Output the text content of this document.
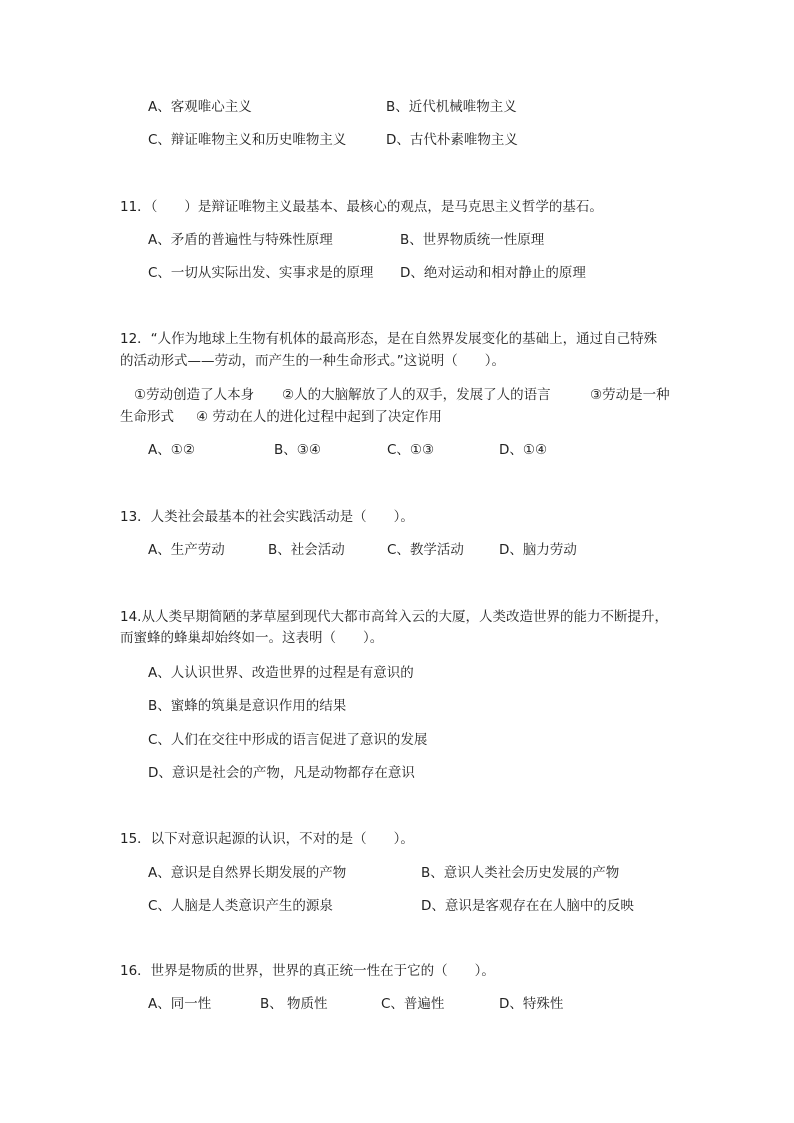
A、客观唯心主义	B、近代机械唯物主义
C、辩证唯物主义和历史唯物主义	D、古代朴素唯物主义
11．（　　）是辩证唯物主义最基本、最核心的观点，是马克思主义哲学的基石。
A、矛盾的普遍性与特殊性原理	B、世界物质统一性原理
C、一切从实际出发、实事求是的原理 D、绝对运动和相对静止的原理
12．“人作为地球上生物有机体的最高形态，是在自然界发展变化的基础上，通过自己特殊
的活动形式——劳动，而产生的一种生命形式。”这说明（　　）。
①劳动创造了人本身 ②人的大脑解放了人的双手，发展了人的语言	③劳动是一种
生命形式 ④ 劳动在人的进化过程中起到了决定作用
A、①②	B、③④	C、①③	D、①④
13．人类社会最基本的社会实践活动是（　　）。
A、生产劳动	B、社会活动	C、教学活动	D、脑力劳动
14.从人类早期简陋的茅草屋到现代大都市高耸入云的大厦，人类改造世界的能力不断提升，
而蜜蜂的蜂巢却始终如一。这表明（　　）。
A、人认识世界、改造世界的过程是有意识的
B、蜜蜂的筑巢是意识作用的结果
C、人们在交往中形成的语言促进了意识的发展
D、意识是社会的产物，凡是动物都存在意识
15．以下对意识起源的认识，不对的是（　　）。
A、意识是自然界长期发展的产物	B、意识人类社会历史发展的产物
C、人脑是人类意识产生的源泉	D、意识是客观存在在人脑中的反映
16．世界是物质的世界，世界的真正统一性在于它的（　　）。
A、同一性	B、 物质性	C、普遍性	D、特殊性
